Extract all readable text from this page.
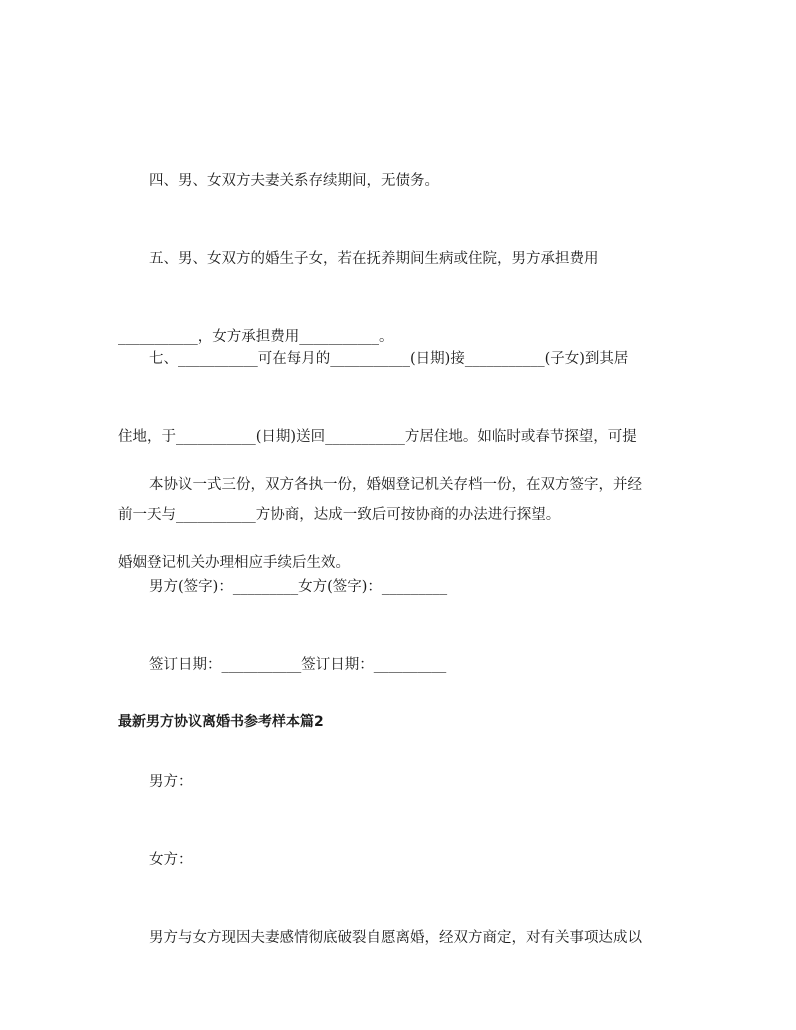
四、男、女双方夫妻关系存续期间，无债务。

五、男、女双方的婚生子女，若在抚养期间生病或住院，男方承担费用

___________，女方承担费用___________。

七、___________可在每月的___________(日期)接___________(子女)到其居

住地，于___________(日期)送回___________方居住地。如临时或春节探望，可提

前一天与___________方协商，达成一致后可按协商的办法进行探望。

本协议一式三份，双方各执一份，婚姻登记机关存档一份，在双方签字，并经

婚姻登记机关办理相应手续后生效。

男方(签字)：_________女方(签字)：_________

签订日期：___________签订日期：__________

最新男方协议离婚书参考样本篇2

男方：

女方：

男方与女方现因夫妻感情彻底破裂自愿离婚，经双方商定，对有关事项达成以
